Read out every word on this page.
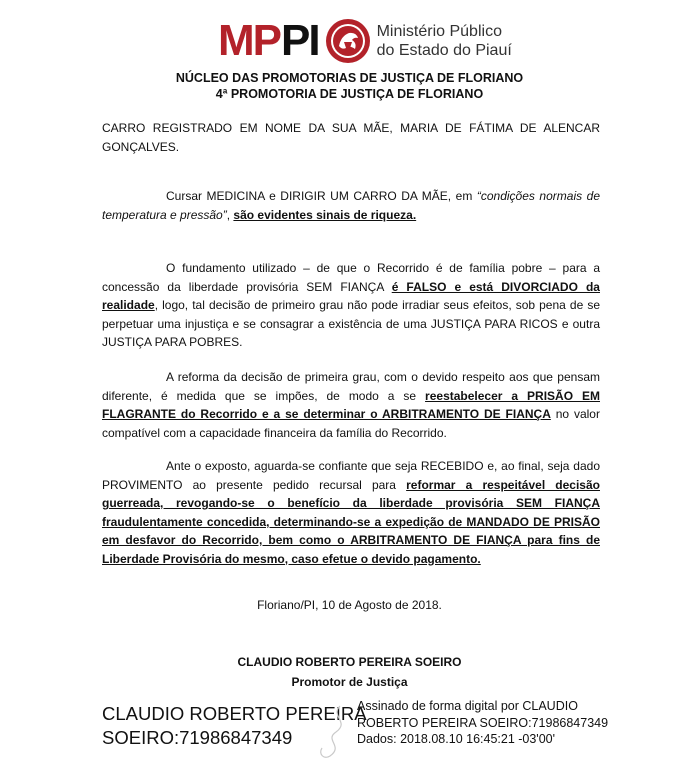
MP PI	Ministério Público
do Estado do Piauí
NÚCLEO DAS PROMOTORIAS DE JUSTIÇA DE FLORIANO
4ª PROMOTORIA DE JUSTIÇA DE FLORIANO
CARRO REGISTRADO EM NOME DA SUA MÃE, MARIA DE FÁTIMA DE ALENCAR GONÇALVES.
Cursar MEDICINA e DIRIGIR UM CARRO DA MÃE, em “condições normais de temperatura e pressão”, são evidentes sinais de riqueza.
O fundamento utilizado – de que o Recorrido é de família pobre – para a concessão da liberdade provisória SEM FIANÇA é FALSO e está DIVORCIADO da realidade, logo, tal decisão de primeiro grau não pode irradiar seus efeitos, sob pena de se perpetuar uma injustiça e se consagrar a existência de uma JUSTIÇA PARA RICOS e outra JUSTIÇA PARA POBRES.
A reforma da decisão de primeira grau, com o devido respeito aos que pensam diferente, é medida que se impões, de modo a se reestabelecer a PRISÃO EM FLAGRANTE do Recorrido e a se determinar o ARBITRAMENTO DE FIANÇA no valor compatível com a capacidade financeira da família do Recorrido.
Ante o exposto, aguarda-se confiante que seja RECEBIDO e, ao final, seja dado PROVIMENTO ao presente pedido recursal para reformar a respeitável decisão guerreada, revogando-se o benefício da liberdade provisória SEM FIANÇA fraudulentamente concedida, determinando-se a expedição de MANDADO DE PRISÃO em desfavor do Recorrido, bem como o ARBITRAMENTO DE FIANÇA para fins de Liberdade Provisória do mesmo, caso efetue o devido pagamento.
Floriano/PI, 10 de Agosto de 2018.
CLAUDIO ROBERTO PEREIRA SOEIRO
Promotor de Justiça
CLAUDIO ROBERTO PEREIRA
SOEIRO:71986847349
Assinado de forma digital por CLAUDIO
ROBERTO PEREIRA SOEIRO:71986847349
Dados: 2018.08.10 16:45:21 -03'00'
